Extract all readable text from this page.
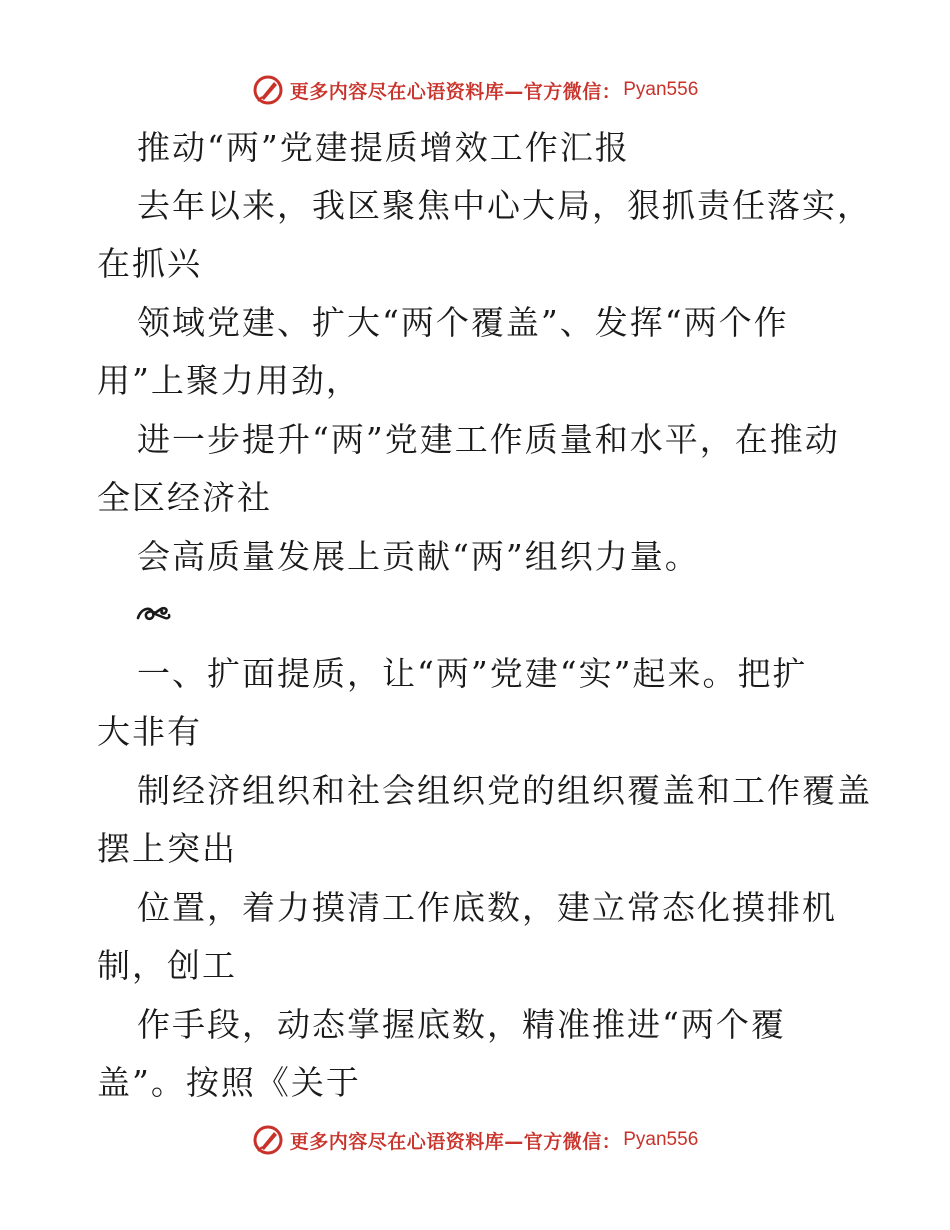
更多内容尽在心语资料库—官方微信： Pyan556
推动“两”党建提质增效工作汇报
去年以来，我区聚焦中心大局，狠抓责任落实，
在抓兴
领域党建、扩大“两个覆盖”、发挥“两个作
用”上聚力用劲，
进一步提升“两”党建工作质量和水平，在推动
全区经济社
会高质量发展上贡献“两”组织力量。
一、扩面提质，让“两”党建“实”起来。把扩
大非有
制经济组织和社会组织党的组织覆盖和工作覆盖
摆上突出
位置，着力摸清工作底数，建立常态化摸排机
制，创工
作手段，动态掌握底数，精准推进“两个覆
盖”。按照《关于
更多内容尽在心语资料库—官方微信： Pyan556
